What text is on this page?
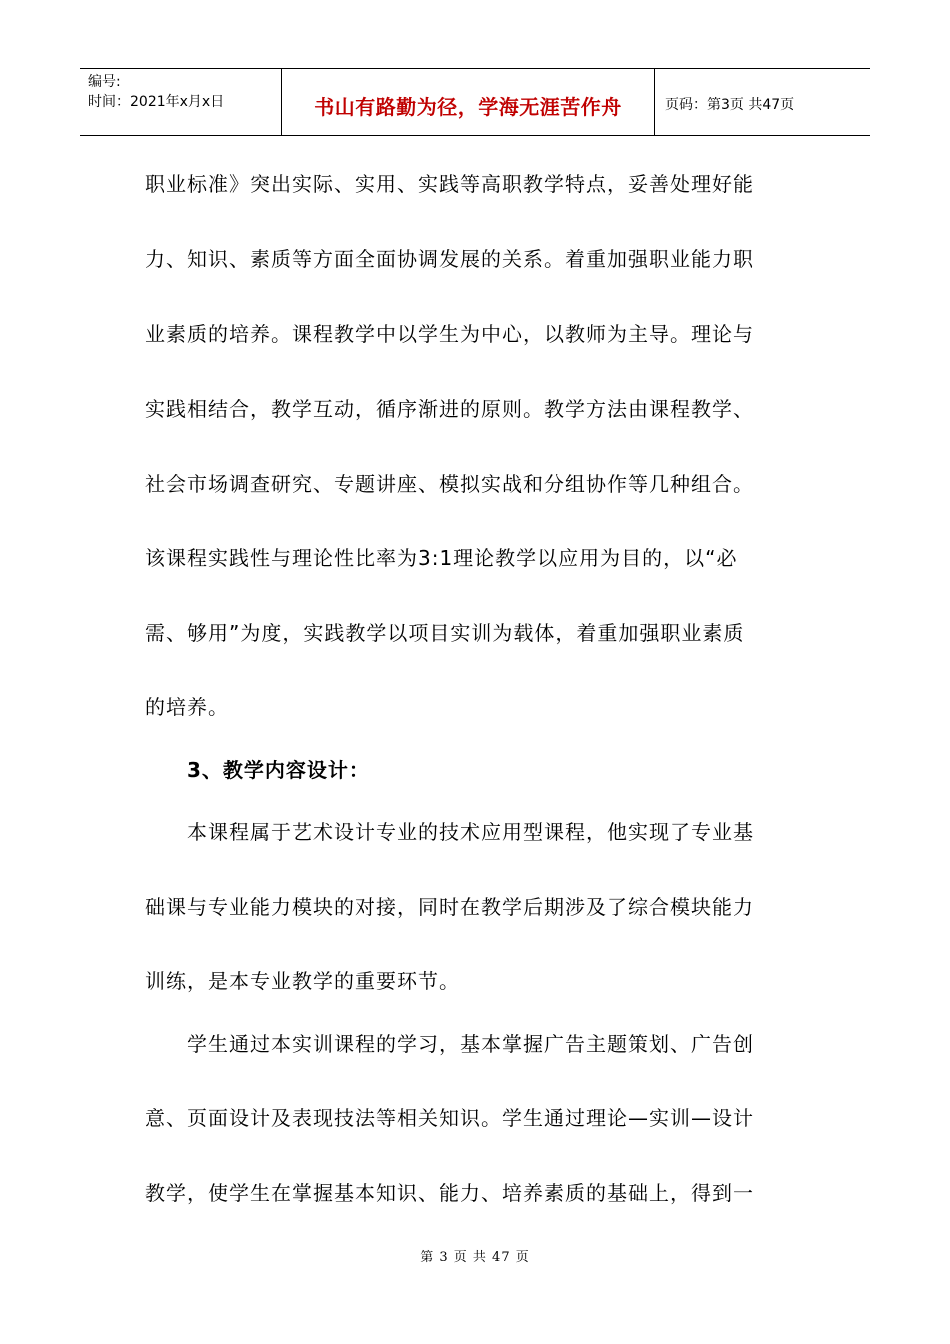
编号:
时间：2021年x月x日	书山有路勤为径，学海无涯苦作舟	页码：第3页 共47页
职业标准》突出实际、实用、实践等高职教学特点，妥善处理好能
力、知识、素质等方面全面协调发展的关系。着重加强职业能力职
业素质的培养。课程教学中以学生为中心，以教师为主导。理论与
实践相结合，教学互动，循序渐进的原则。教学方法由课程教学、
社会市场调查研究、专题讲座、模拟实战和分组协作等几种组合。
该课程实践性与理论性比率为3:1理论教学以应用为目的，以“必
需、够用”为度，实践教学以项目实训为载体，着重加强职业素质
的培养。
3、教学内容设计：
本课程属于艺术设计专业的技术应用型课程，他实现了专业基
础课与专业能力模块的对接，同时在教学后期涉及了综合模块能力
训练，是本专业教学的重要环节。
学生通过本实训课程的学习，基本掌握广告主题策划、广告创
意、页面设计及表现技法等相关知识。学生通过理论—实训—设计
教学，使学生在掌握基本知识、能力、培养素质的基础上，得到一
第 3 页 共 47 页
